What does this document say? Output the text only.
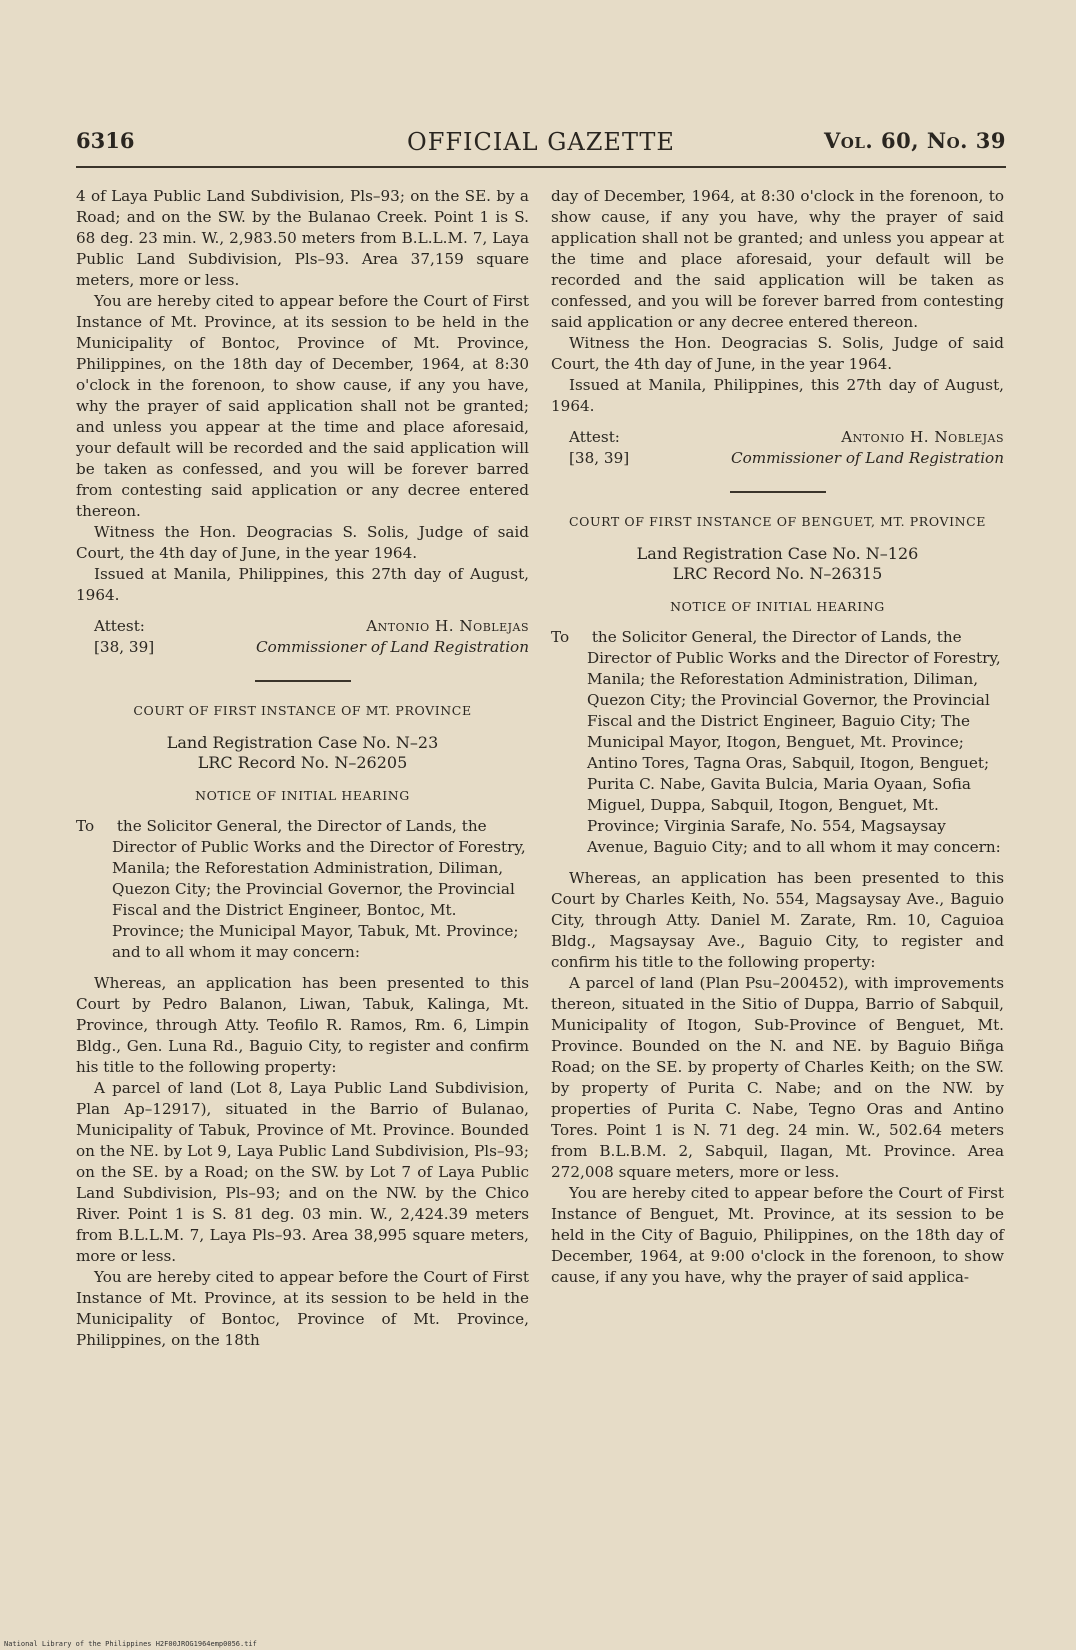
6316	OFFICIAL GAZETTE	Vol. 60, No. 39

4 of Laya Public Land Subdivision, Pls–93; on the SE. by a Road; and on the SW. by the Bulanao Creek. Point 1 is S. 68 deg. 23 min. W., 2,983.50 meters from B.L.L.M. 7, Laya Public Land Subdivision, Pls–93. Area 37,159 square meters, more or less.

You are hereby cited to appear before the Court of First Instance of Mt. Province, at its session to be held in the Municipality of Bontoc, Province of Mt. Province, Philippines, on the 18th day of December, 1964, at 8:30 o'clock in the forenoon, to show cause, if any you have, why the prayer of said application shall not be granted; and unless you appear at the time and place aforesaid, your default will be recorded and the said application will be taken as confessed, and you will be forever barred from contesting said application or any decree entered thereon.

Witness the Hon. Deogracias S. Solis, Judge of said Court, the 4th day of June, in the year 1964.

Issued at Manila, Philippines, this 27th day of August, 1964.

Attest:	Antonio H. Noblejas
[38, 39]	Commissioner of Land Registration
COURT OF FIRST INSTANCE OF MT. PROVINCE
Land Registration Case No. N–23
LRC Record No. N–26205
NOTICE OF INITIAL HEARING
To the Solicitor General, the Director of Lands, the Director of Public Works and the Director of Forestry, Manila; the Reforestation Administration, Diliman, Quezon City; the Provincial Governor, the Provincial Fiscal and the District Engineer, Bontoc, Mt. Province; the Municipal Mayor, Tabuk, Mt. Province; and to all whom it may concern:

Whereas, an application has been presented to this Court by Pedro Balanon, Liwan, Tabuk, Kalinga, Mt. Province, through Atty. Teofilo R. Ramos, Rm. 6, Limpin Bldg., Gen. Luna Rd., Baguio City, to register and confirm his title to the following property:

A parcel of land (Lot 8, Laya Public Land Subdivision, Plan Ap–12917), situated in the Barrio of Bulanao, Municipality of Tabuk, Province of Mt. Province. Bounded on the NE. by Lot 9, Laya Public Land Subdivision, Pls–93; on the SE. by a Road; on the SW. by Lot 7 of Laya Public Land Subdivision, Pls–93; and on the NW. by the Chico River. Point 1 is S. 81 deg. 03 min. W., 2,424.39 meters from B.L.L.M. 7, Laya Pls–93. Area 38,995 square meters, more or less.

You are hereby cited to appear before the Court of First Instance of Mt. Province, at its session to be held in the Municipality of Bontoc, Province of Mt. Province, Philippines, on the 18th

day of December, 1964, at 8:30 o'clock in the forenoon, to show cause, if any you have, why the prayer of said application shall not be granted; and unless you appear at the time and place aforesaid, your default will be recorded and the said application will be taken as confessed, and you will be forever barred from contesting said application or any decree entered thereon.

Witness the Hon. Deogracias S. Solis, Judge of said Court, the 4th day of June, in the year 1964.

Issued at Manila, Philippines, this 27th day of August, 1964.

Attest:	Antonio H. Noblejas
[38, 39]	Commissioner of Land Registration
COURT OF FIRST INSTANCE OF BENGUET, MT. PROVINCE
Land Registration Case No. N–126
LRC Record No. N–26315
NOTICE OF INITIAL HEARING
To the Solicitor General, the Director of Lands, the Director of Public Works and the Director of Forestry, Manila; the Reforestation Administration, Diliman, Quezon City; the Provincial Governor, the Provincial Fiscal and the District Engineer, Baguio City; The Municipal Mayor, Itogon, Benguet, Mt. Province; Antino Tores, Tagna Oras, Sabquil, Itogon, Benguet; Purita C. Nabe, Gavita Bulcia, Maria Oyaan, Sofia Miguel, Duppa, Sabquil, Itogon, Benguet, Mt. Province; Virginia Sarafe, No. 554, Magsaysay Avenue, Baguio City; and to all whom it may concern:

Whereas, an application has been presented to this Court by Charles Keith, No. 554, Magsaysay Ave., Baguio City, through Atty. Daniel M. Zarate, Rm. 10, Caguioa Bldg., Magsaysay Ave., Baguio City, to register and confirm his title to the following property:

A parcel of land (Plan Psu–200452), with improvements thereon, situated in the Sitio of Duppa, Barrio of Sabquil, Municipality of Itogon, Sub-Province of Benguet, Mt. Province. Bounded on the N. and NE. by Baguio Biñga Road; on the SE. by property of Charles Keith; on the SW. by property of Purita C. Nabe; and on the NW. by properties of Purita C. Nabe, Tegno Oras and Antino Tores. Point 1 is N. 71 deg. 24 min. W., 502.64 meters from B.L.B.M. 2, Sabquil, Ilagan, Mt. Province. Area 272,008 square meters, more or less.

You are hereby cited to appear before the Court of First Instance of Benguet, Mt. Province, at its session to be held in the City of Baguio, Philippines, on the 18th day of December, 1964, at 9:00 o'clock in the forenoon, to show cause, if any you have, why the prayer of said applica-

National Library of the Philippines H2F00JROG1964emp0056.tif
